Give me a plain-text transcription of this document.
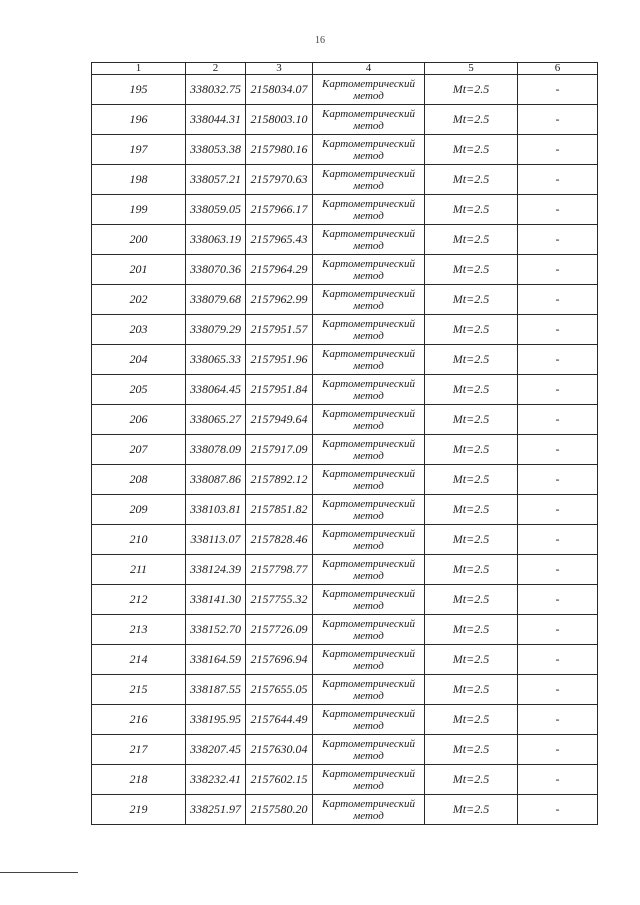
16
1	2	3	4	5	6
195	338032.75	2158034.07	Картометрический метод	Mt=2.5	-
196	338044.31	2158003.10	Картометрический метод	Mt=2.5	-
197	338053.38	2157980.16	Картометрический метод	Mt=2.5	-
198	338057.21	2157970.63	Картометрический метод	Mt=2.5	-
199	338059.05	2157966.17	Картометрический метод	Mt=2.5	-
200	338063.19	2157965.43	Картометрический метод	Mt=2.5	-
201	338070.36	2157964.29	Картометрический метод	Mt=2.5	-
202	338079.68	2157962.99	Картометрический метод	Mt=2.5	-
203	338079.29	2157951.57	Картометрический метод	Mt=2.5	-
204	338065.33	2157951.96	Картометрический метод	Mt=2.5	-
205	338064.45	2157951.84	Картометрический метод	Mt=2.5	-
206	338065.27	2157949.64	Картометрический метод	Mt=2.5	-
207	338078.09	2157917.09	Картометрический метод	Mt=2.5	-
208	338087.86	2157892.12	Картометрический метод	Mt=2.5	-
209	338103.81	2157851.82	Картометрический метод	Mt=2.5	-
210	338113.07	2157828.46	Картометрический метод	Mt=2.5	-
211	338124.39	2157798.77	Картометрический метод	Mt=2.5	-
212	338141.30	2157755.32	Картометрический метод	Mt=2.5	-
213	338152.70	2157726.09	Картометрический метод	Mt=2.5	-
214	338164.59	2157696.94	Картометрический метод	Mt=2.5	-
215	338187.55	2157655.05	Картометрический метод	Mt=2.5	-
216	338195.95	2157644.49	Картометрический метод	Mt=2.5	-
217	338207.45	2157630.04	Картометрический метод	Mt=2.5	-
218	338232.41	2157602.15	Картометрический метод	Mt=2.5	-
219	338251.97	2157580.20	Картометрический метод	Mt=2.5	-
